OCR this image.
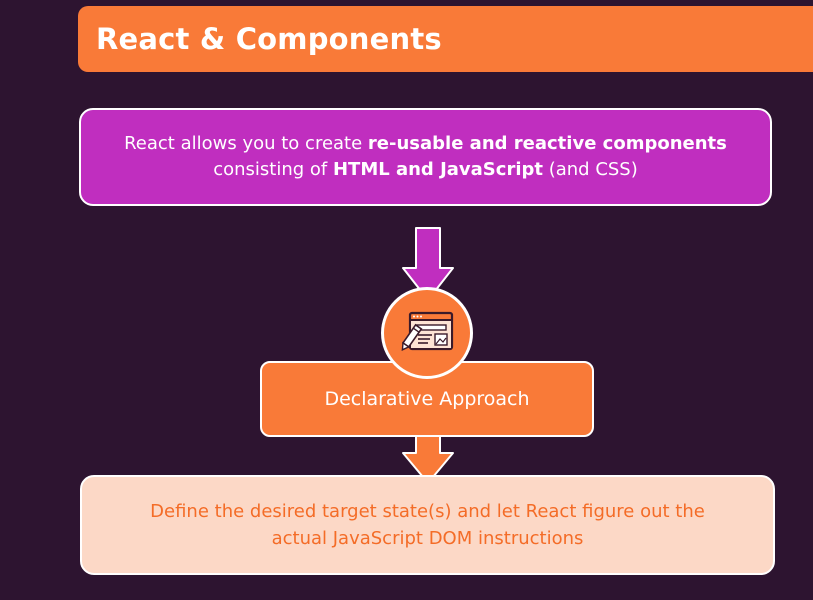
React & Components
React allows you to create re-usable and reactive components
consisting of HTML and JavaScript (and CSS)
Declarative Approach
Define the desired target state(s) and let React figure out the
actual JavaScript DOM instructions
